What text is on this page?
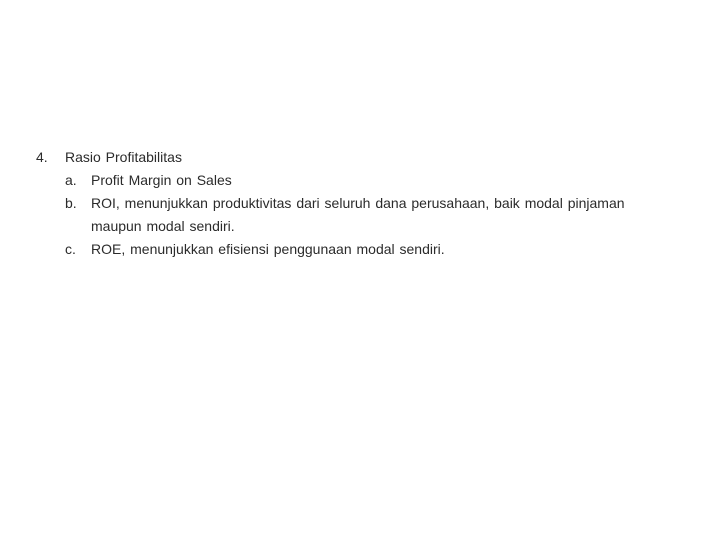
4.	Rasio Profitabilitas
a.	Profit Margin on Sales
b.	ROI, menunjukkan produktivitas dari seluruh dana perusahaan, baik modal pinjaman
maupun modal sendiri.
c.	ROE, menunjukkan efisiensi penggunaan modal sendiri.
